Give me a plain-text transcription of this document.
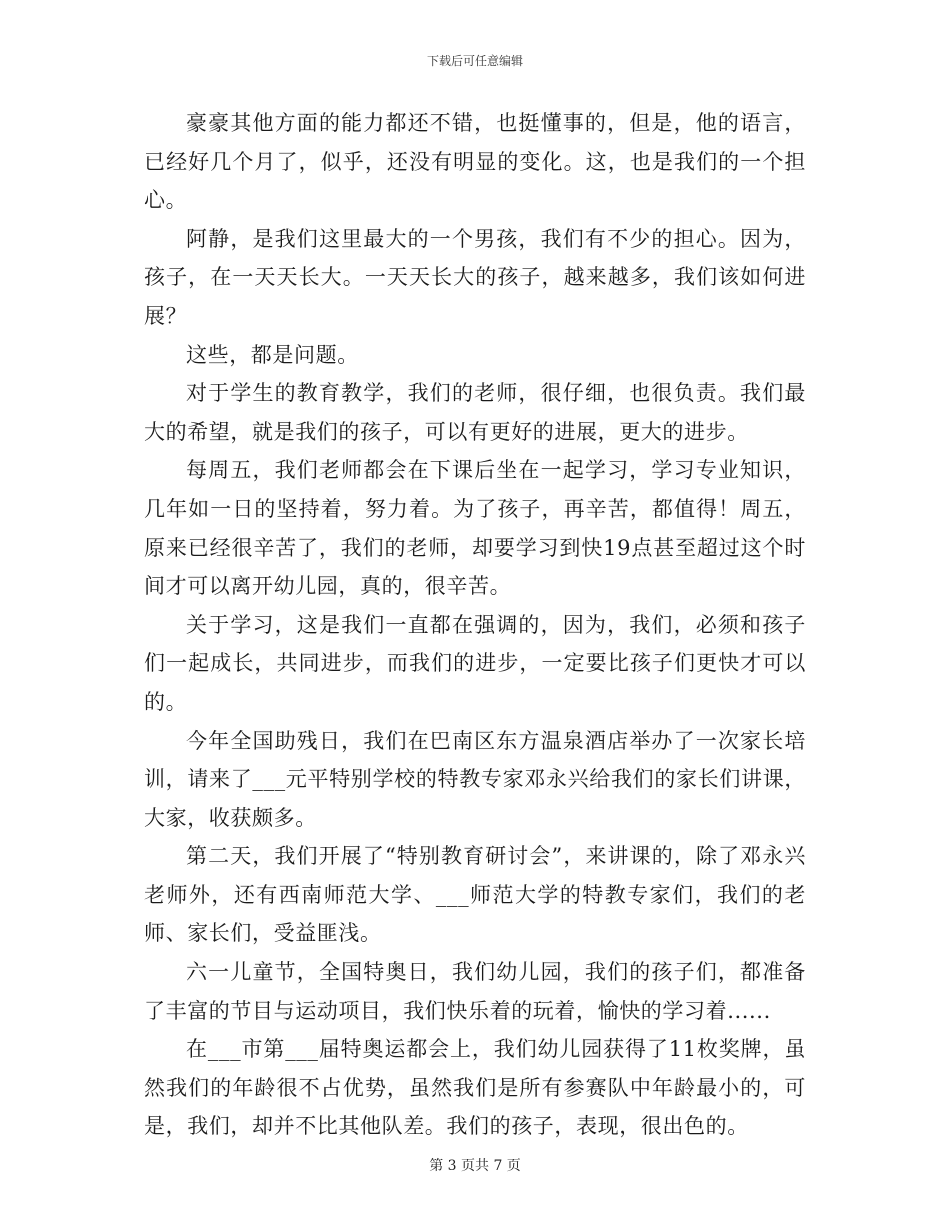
下载后可任意编辑

豪豪其他方面的能力都还不错，也挺懂事的，但是，他的语言，已经好几个月了，似乎，还没有明显的变化。这，也是我们的一个担心。

阿静，是我们这里最大的一个男孩，我们有不少的担心。因为，孩子，在一天天长大。一天天长大的孩子，越来越多，我们该如何进展？

这些，都是问题。

对于学生的教育教学，我们的老师，很仔细，也很负责。我们最大的希望，就是我们的孩子，可以有更好的进展，更大的进步。

每周五，我们老师都会在下课后坐在一起学习，学习专业知识，几年如一日的坚持着，努力着。为了孩子，再辛苦，都值得！周五，原来已经很辛苦了，我们的老师，却要学习到快19点甚至超过这个时间才可以离开幼儿园，真的，很辛苦。

关于学习，这是我们一直都在强调的，因为，我们，必须和孩子们一起成长，共同进步，而我们的进步，一定要比孩子们更快才可以的。

今年全国助残日，我们在巴南区东方温泉酒店举办了一次家长培训，请来了___元平特别学校的特教专家邓永兴给我们的家长们讲课，大家，收获颇多。

第二天，我们开展了“特别教育研讨会”，来讲课的，除了邓永兴老师外，还有西南师范大学、___师范大学的特教专家们，我们的老师、家长们，受益匪浅。

六一儿童节，全国特奥日，我们幼儿园，我们的孩子们，都准备了丰富的节目与运动项目，我们快乐着的玩着，愉快的学习着......

在___市第___届特奥运都会上，我们幼儿园获得了11枚奖牌，虽然我们的年龄很不占优势，虽然我们是所有参赛队中年龄最小的，可是，我们，却并不比其他队差。我们的孩子，表现，很出色的。

第 3 页共 7 页
